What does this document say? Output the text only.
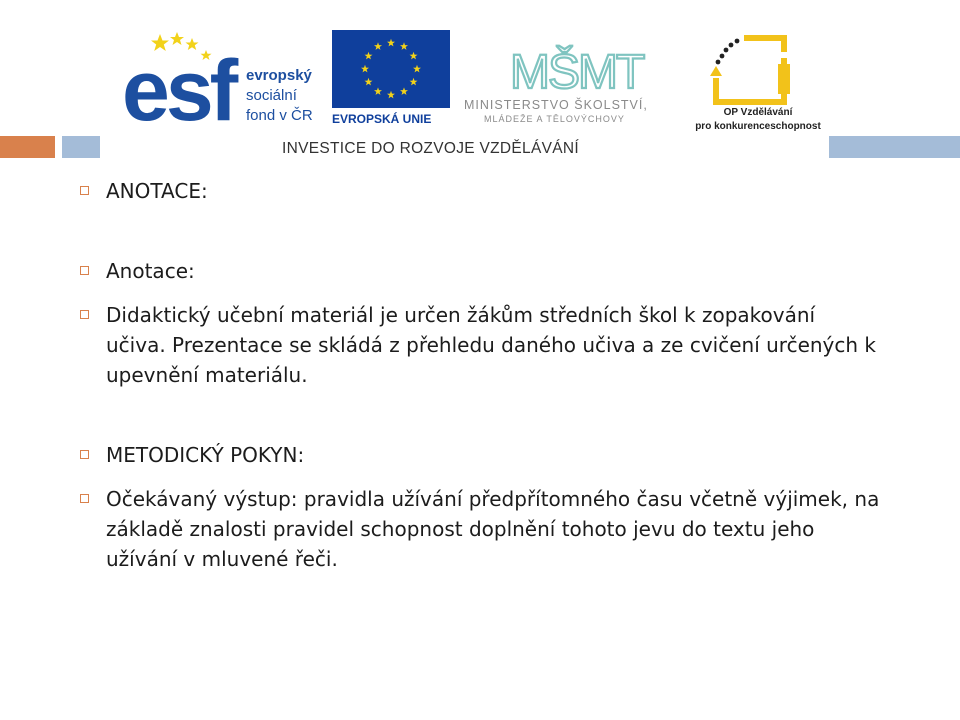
esf evropský
sociální
fond v ČR EVROPSKÁ UNIE
MŠMT
MINISTERSTVO ŠKOLSTVÍ,
MLÁDEŽE A TĚLOVÝCHOVY
OP Vzdělávání
pro konkurenceschopnost
INVESTICE DO ROZVOJE VZDĚLÁVÁNÍ
ANOTACE:
Anotace:
Didaktický učební materiál je určen žákům středních škol k zopakování učiva. Prezentace se skládá z přehledu daného učiva a ze cvičení určených k upevnění materiálu.
METODICKÝ POKYN:
Očekávaný výstup: pravidla užívání předpřítomného času včetně výjimek, na základě znalosti pravidel schopnost doplnění tohoto jevu do textu jeho užívání v mluvené řeči.
